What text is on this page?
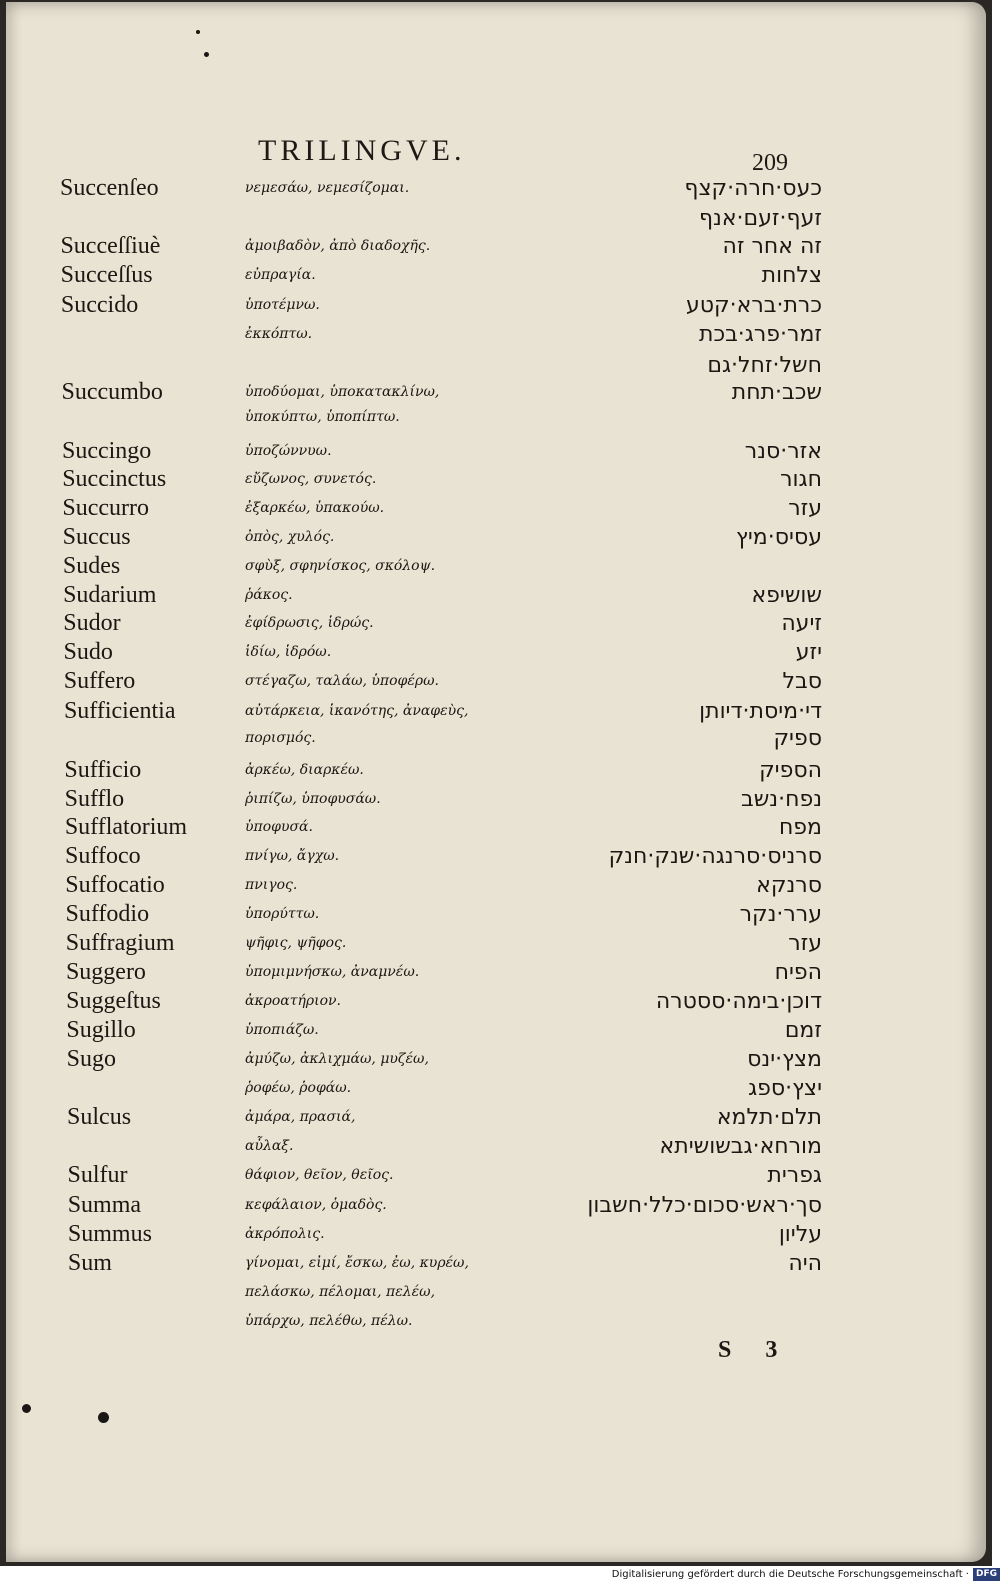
TRILINGVE.	209
Succenſeo	νεμεσάω, νεμεσίζομαι.	כעס·חרה·קצף
זעף·זעם·אנף
Succeſſiuè	ἀμοιβαδὸν, ἀπὸ διαδοχῆς.	זה אחר זה
Succeſſus	εὐπραγία.	צלחות
Succido	ὑποτέμνω.	כרת·ברא·קטע
ἐκκόπτω.	זמר·פרג·בכת
חשל·זחל·גם
Succumbo	ὑποδύομαι, ὑποκατακλίνω,	שכב·תחת
ὑποκύπτω, ὑποπίπτω.
Succingo	ὑποζώννυω.	אזר·סנר
Succinctus	εὔζωνος, συνετός.	חגור
Succurro	ἐξαρκέω, ὑπακούω.	עזר
Succus	ὀπὸς, χυλός.	עסיס·מיץ
Sudes	σφὺξ, σφηνίσκος, σκόλοψ.
Sudarium	ῥάκος.	שושיפא
Sudor	ἐφίδρωσις, ἱδρώς.	זיעה
Sudo	ἱδίω, ἱδρόω.	יזע
Suffero	στέγαζω, ταλάω, ὑποφέρω.	סבל
Sufficientia	αὐτάρκεια, ἱκανότης, ἀναφεὺς,	די·מיסת·דיותן
πορισμός.	ספיק
Sufficio	ἀρκέω, διαρκέω.	הספיק
Sufflo	ῥιπίζω, ὑποφυσάω.	נפח·נשב
Sufflatorium	ὑποφυσά.	מפח
Suffoco	πνίγω, ἄγχω.	סרניס·סרנגה·שנק·חנק
Suffocatio	πνιγος.	סרנקא
Suffodio	ὑπορύττω.	ערר·נקר
Suffragium	ψῆφις, ψῆφος.	עזר
Suggero	ὑπομιμνήσκω, ἀναμνέω.	הפיח
Suggeſtus	ἀκροατήριον.	דוכן·בימה·ססטרה
Sugillo	ὑποπιάζω.	זמם
Sugo	ἀμύζω, ἀκλιχμάω, μυζέω,	מצץ·ינס
ῥοφέω, ῥοφάω.	יצץ·ספג
Sulcus	ἀμάρα, πρασιά,	תלם·תלמא
αὖλαξ.	מורחא·גבשושיתא
Sulfur	θάφιον, θεῖον, θεῖος.	גפרית
Summa	κεφάλαιον, ὁμαδὸς.	סך·ראש·סכום·כלל·חשבון
Summus	ἀκρόπολις.	עליון
Sum	γίνομαι, εἰμί, ἔσκω, ἐω, κυρέω,	היה
πελάσκω, πέλομαι, πελέω,
ὑπάρχω, πελέθω, πέλω.
S 3
Digitalisierung gefördert durch die Deutsche Forschungsgemeinschaft · DFG
